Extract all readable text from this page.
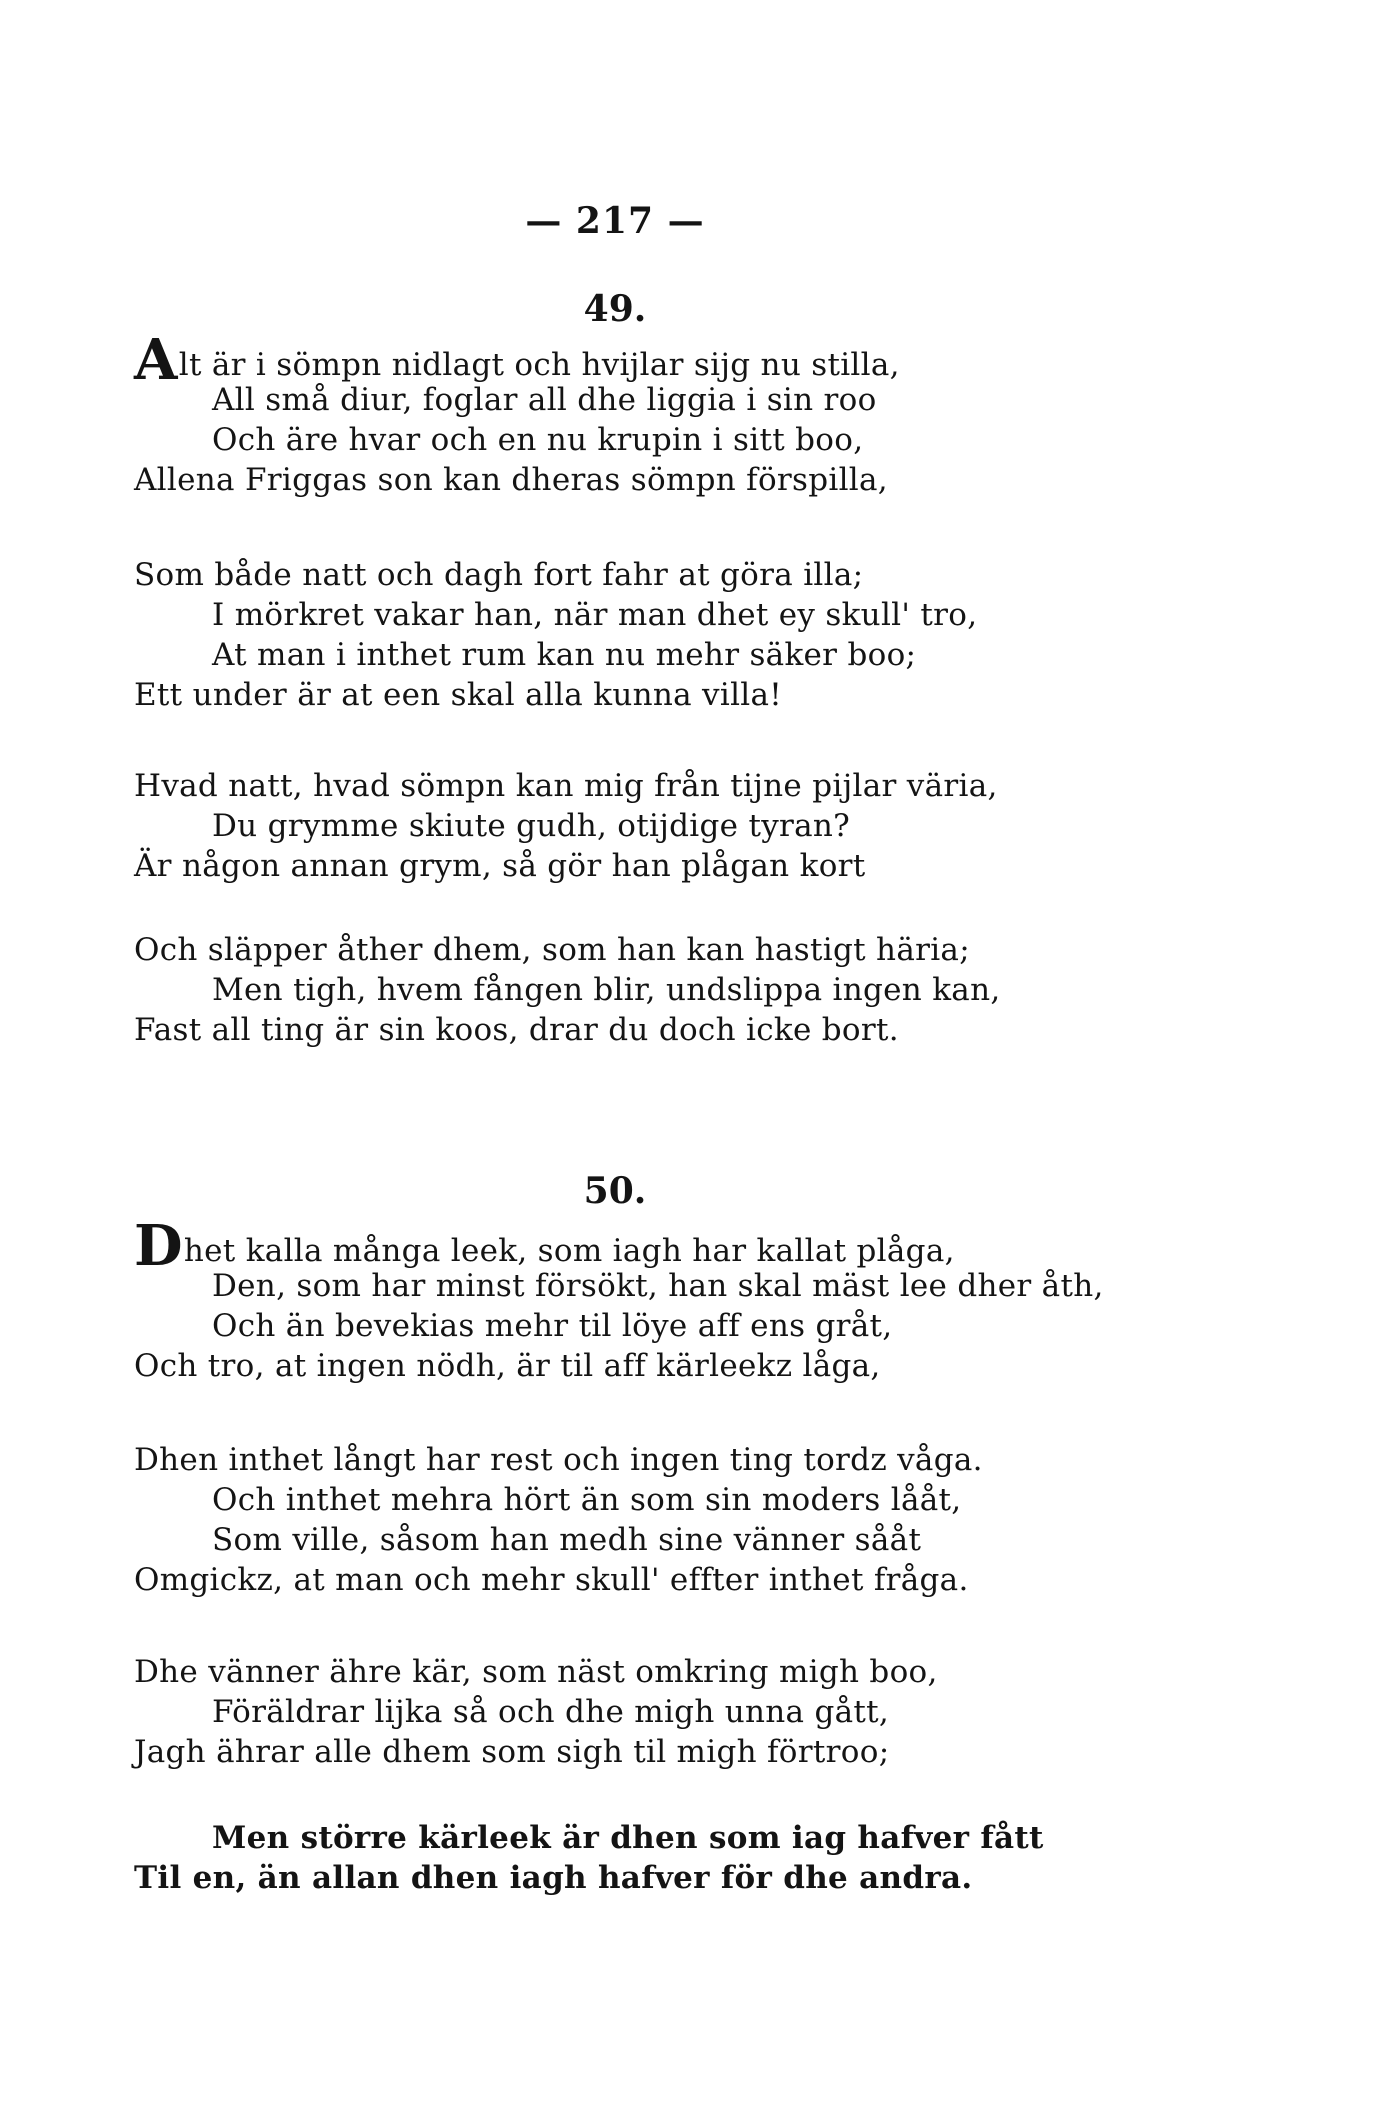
— 217 —
49.
Alt är i sömpn nidlagt och hvijlar sijg nu stilla,
All små diur, foglar all dhe liggia i sin roo
Och äre hvar och en nu krupin i sitt boo,
Allena Friggas son kan dheras sömpn förspilla,
Som både natt och dagh fort fahr at göra illa;
I mörkret vakar han, när man dhet ey skull' tro,
At man i inthet rum kan nu mehr säker boo;
Ett under är at een skal alla kunna villa!
Hvad natt, hvad sömpn kan mig från tijne pijlar väria,
Du grymme skiute gudh, otijdige tyran?
Är någon annan grym, så gör han plågan kort
Och släpper åther dhem, som han kan hastigt häria;
Men tigh, hvem fången blir, undslippa ingen kan,
Fast all ting är sin koos, drar du doch icke bort.
50.
Dhet kalla många leek, som iagh har kallat plåga,
Den, som har minst försökt, han skal mäst lee dher åth,
Och än bevekias mehr til löye aff ens gråt,
Och tro, at ingen nödh, är til aff kärleekz låga,
Dhen inthet långt har rest och ingen ting tordz våga.
Och inthet mehra hört än som sin moders lååt,
Som ville, såsom han medh sine vänner sååt
Omgickz, at man och mehr skull' effter inthet fråga.
Dhe vänner ähre kär, som näst omkring migh boo,
Föräldrar lijka så och dhe migh unna gått,
Jagh ährar alle dhem som sigh til migh förtroo;
Men större kärleek är dhen som iag hafver fått
Til en, än allan dhen iagh hafver för dhe andra.
